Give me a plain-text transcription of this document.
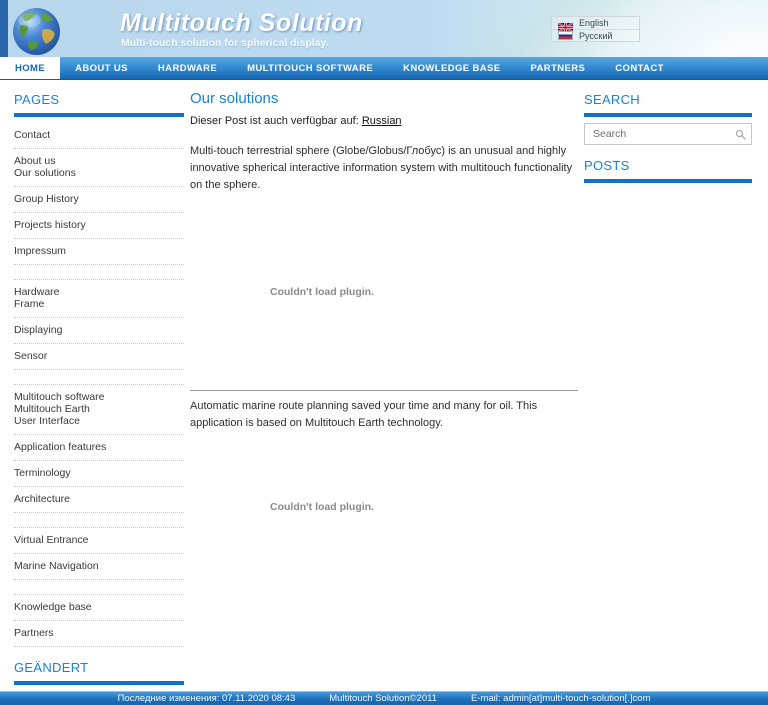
Multitouch Solution
Multi-touch solution for spherical display.
English
Русский
HOME	ABOUT US	HARDWARE	MULTITOUCH SOFTWARE	KNOWLEDGE BASE	PARTNERS	CONTACT
PAGES
Contact
About us
Our solutions
Group History
Projects history
Impressum
Hardware
Frame
Displaying
Sensor
Multitouch software
Multitouch Earth
User Interface
Application features
Terminology
Architecture
Virtual Entrance
Marine Navigation
Knowledge base
Partners
GEÄNDERT
Our solutions

Dieser Post ist auch verfügbar auf: Russian

Multi-touch terrestrial sphere (Globe/Globus/Глобус) is an unusual and highly innovative spherical interactive information system with multitouch functionality on the sphere.

Couldn't load plugin.

Automatic marine route planning saved your time and many for oil. This application is based on Multitouch Earth technology.

Couldn't load plugin.
SEARCH
Search
POSTS
Последние изменения: 07.11.2020 08:43	Multitouch Solution©2011	E-mail: admin[at]multi-touch-solution[.]com
